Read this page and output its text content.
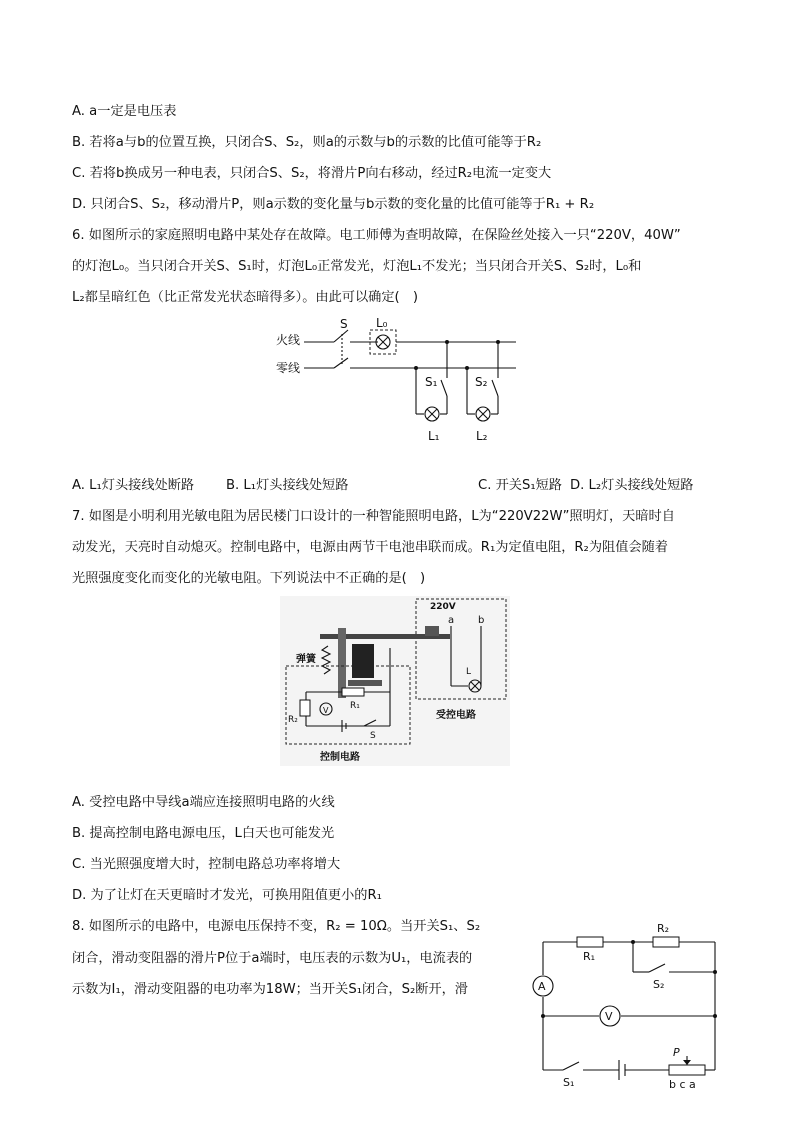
A. a一定是电压表
B. 若将a与b的位置互换，只闭合S、S₂，则a的示数与b的示数的比值可能等于R₂
C. 若将b换成另一种电表，只闭合S、S₂，将滑片P向右移动，经过R₂电流一定变大
D. 只闭合S、S₂，移动滑片P，则a示数的变化量与b示数的变化量的比值可能等于R₁ + R₂
6. 如图所示的家庭照明电路中某处存在故障。电工师傅为查明故障，在保险丝处接入一只“220V，40W”
的灯泡L₀。当只闭合开关S、S₁时，灯泡L₀正常发光，灯泡L₁不发光；当只闭合开关S、S₂时，L₀和
L₂都呈暗红色（比正常发光状态暗得多）。由此可以确定(　)
火线
S L₀
零线
S₁
L₁
S₂
L₂
A. L₁灯头接线处断路 B. L₁灯头接线处短路	C. 开关S₁短路 D. L₂灯头接线处短路
7. 如图是小明利用光敏电阻为居民楼门口设计的一种智能照明电路，L为“220V22W”照明灯，天暗时自
动发光，天亮时自动熄灭。控制电路中，电源由两节干电池串联而成。R₁为定值电阻，R₂为阻值会随着
光照强度变化而变化的光敏电阻。下列说法中不正确的是(　)
220V
a b
L
受控电路
弹簧
R₁
V
R₂
S
控制电路
A. 受控电路中导线a端应连接照明电路的火线
B. 提高控制电路电源电压，L白天也可能发光
C. 当光照强度增大时，控制电路总功率将增大
D. 为了让灯在天更暗时才发光，可换用阻值更小的R₁
8. 如图所示的电路中，电源电压保持不变，R₂ = 10Ω。当开关S₁、S₂
闭合，滑动变阻器的滑片P位于a端时，电压表的示数为U₁，电流表的
示数为I₁，滑动变阻器的电功率为18W；当开关S₁闭合，S₂断开，滑
R₁
R₂
S₂
A
V
S₁
P
b c a
